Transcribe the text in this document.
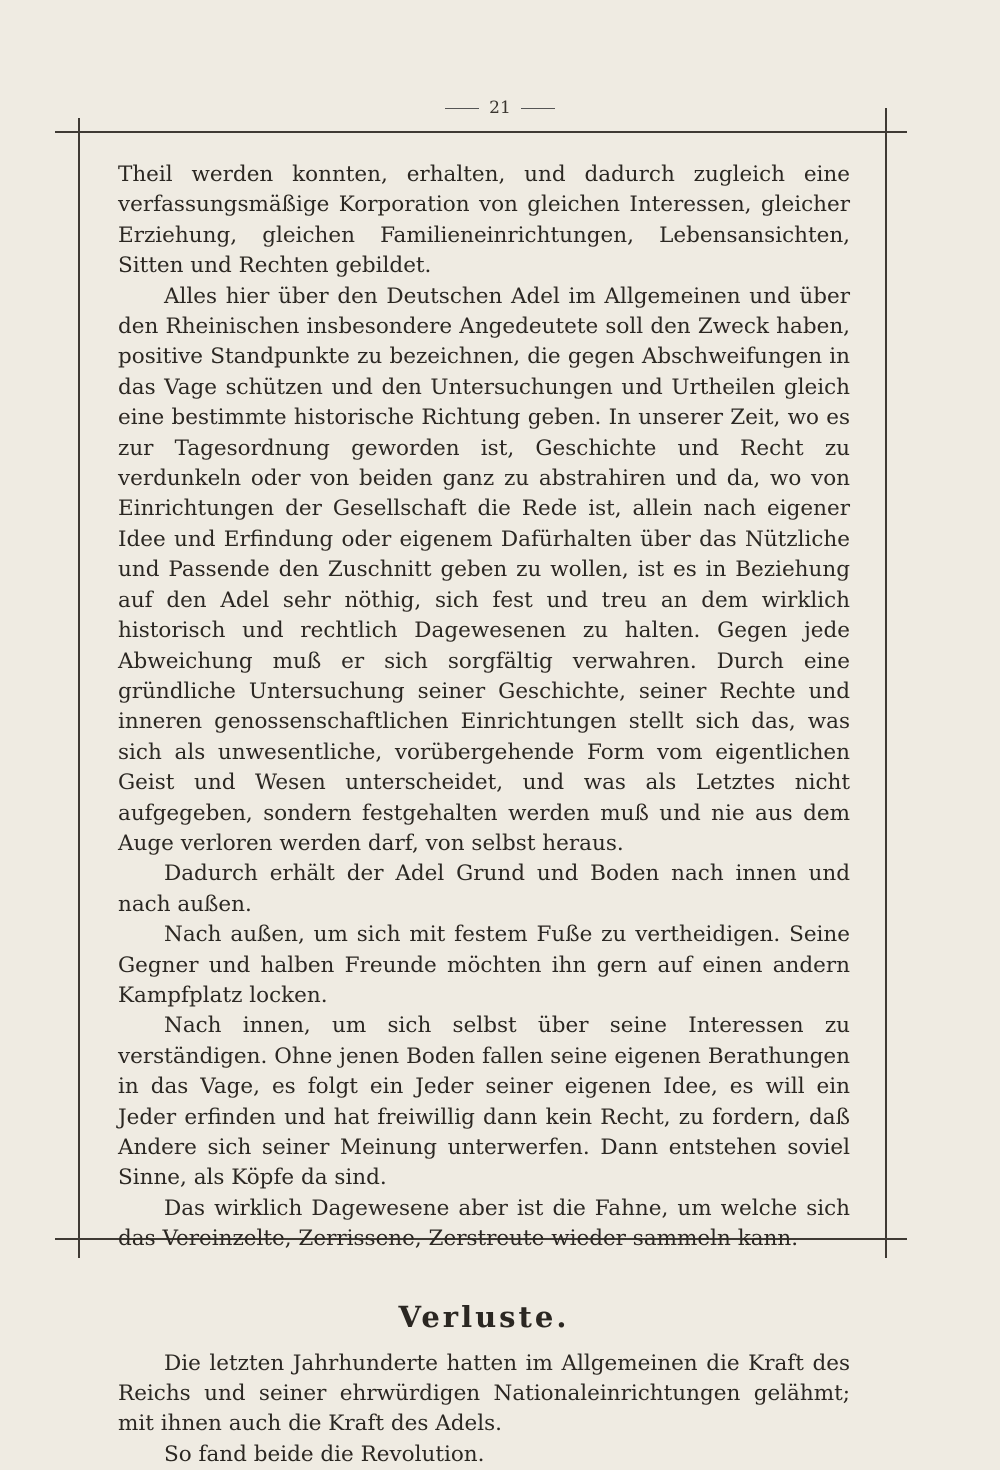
21

Theil werden konnten, erhalten, und dadurch zugleich eine verfassungsmäßige Korporation von gleichen Interessen, gleicher Erziehung, gleichen Familieneinrichtungen, Lebensansichten, Sitten und Rechten gebildet.

Alles hier über den Deutschen Adel im Allgemeinen und über den Rheinischen insbesondere Angedeutete soll den Zweck haben, positive Standpunkte zu bezeichnen, die gegen Abschweifungen in das Vage schützen und den Untersuchungen und Urtheilen gleich eine bestimmte historische Richtung geben. In unserer Zeit, wo es zur Tagesordnung geworden ist, Geschichte und Recht zu verdunkeln oder von beiden ganz zu abstrahiren und da, wo von Einrichtungen der Gesellschaft die Rede ist, allein nach eigener Idee und Erfindung oder eigenem Dafürhalten über das Nützliche und Passende den Zuschnitt geben zu wollen, ist es in Beziehung auf den Adel sehr nöthig, sich fest und treu an dem wirklich historisch und rechtlich Dagewesenen zu halten. Gegen jede Abweichung muß er sich sorgfältig verwahren. Durch eine gründliche Untersuchung seiner Geschichte, seiner Rechte und inneren genossenschaftlichen Einrichtungen stellt sich das, was sich als unwesentliche, vorübergehende Form vom eigentlichen Geist und Wesen unterscheidet, und was als Letztes nicht aufgegeben, sondern festgehalten werden muß und nie aus dem Auge verloren werden darf, von selbst heraus.

Dadurch erhält der Adel Grund und Boden nach innen und nach außen.

Nach außen, um sich mit festem Fuße zu vertheidigen. Seine Gegner und halben Freunde möchten ihn gern auf einen andern Kampfplatz locken.

Nach innen, um sich selbst über seine Interessen zu verständigen. Ohne jenen Boden fallen seine eigenen Berathungen in das Vage, es folgt ein Jeder seiner eigenen Idee, es will ein Jeder erfinden und hat freiwillig dann kein Recht, zu fordern, daß Andere sich seiner Meinung unterwerfen. Dann entstehen soviel Sinne, als Köpfe da sind.

Das wirklich Dagewesene aber ist die Fahne, um welche sich das Vereinzelte, Zerrissene, Zerstreute wieder sammeln kann.

Verluste.

Die letzten Jahrhunderte hatten im Allgemeinen die Kraft des Reichs und seiner ehrwürdigen Nationaleinrichtungen gelähmt; mit ihnen auch die Kraft des Adels.

So fand beide die Revolution.
